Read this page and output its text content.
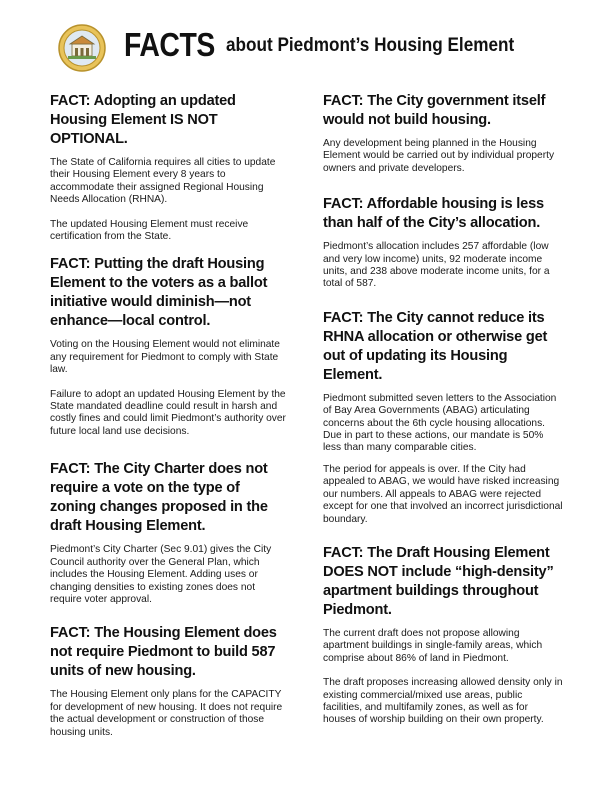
FACTS about Piedmont’s Housing Element
FACT: Adopting an updated Housing Element IS NOT OPTIONAL.

The State of California requires all cities to update their Housing Element every 8 years to accommodate their assigned Regional Housing Needs Allocation (RHNA).

The updated Housing Element must receive certification from the State.

FACT: Putting the draft Housing Element to the voters as a ballot initiative would diminish—not enhance—local control.

Voting on the Housing Element would not eliminate any requirement for Piedmont to comply with State law.

Failure to adopt an updated Housing Element by the State mandated deadline could result in harsh and costly fines and could limit Piedmont’s authority over future local land use decisions.

FACT: The City Charter does not require a vote on the type of zoning changes proposed in the draft Housing Element.

Piedmont’s City Charter (Sec 9.01) gives the City Council authority over the General Plan, which includes the Housing Element. Adding uses or changing densities to existing zones does not require voter approval.

FACT: The Housing Element does not require Piedmont to build 587 units of new housing.

The Housing Element only plans for the CAPACITY for development of new housing. It does not require the actual development or construction of those housing units.

FACT: The City government itself would not build housing.

Any development being planned in the Housing Element would be carried out by individual property owners and private developers.

FACT: Affordable housing is less than half of the City’s allocation.

Piedmont’s allocation includes 257 affordable (low and very low income) units, 92 moderate income units, and 238 above moderate income units, for a total of 587.

FACT: The City cannot reduce its RHNA allocation or otherwise get out of updating its Housing Element.

Piedmont submitted seven letters to the Association of Bay Area Governments (ABAG) articulating concerns about the 6th cycle housing allocations. Due in part to these actions, our mandate is 50% less than many comparable cities.

The period for appeals is over. If the City had appealed to ABAG, we would have risked increasing our numbers. All appeals to ABAG were rejected except for one that involved an incorrect jurisdictional boundary.

FACT: The Draft Housing Element DOES NOT include “high-density” apartment buildings throughout Piedmont.

The current draft does not propose allowing apartment buildings in single-family areas, which comprise about 86% of land in Piedmont.

The draft proposes increasing allowed density only in existing commercial/mixed use areas, public facilities, and multifamily zones, as well as for houses of worship building on their own property.
